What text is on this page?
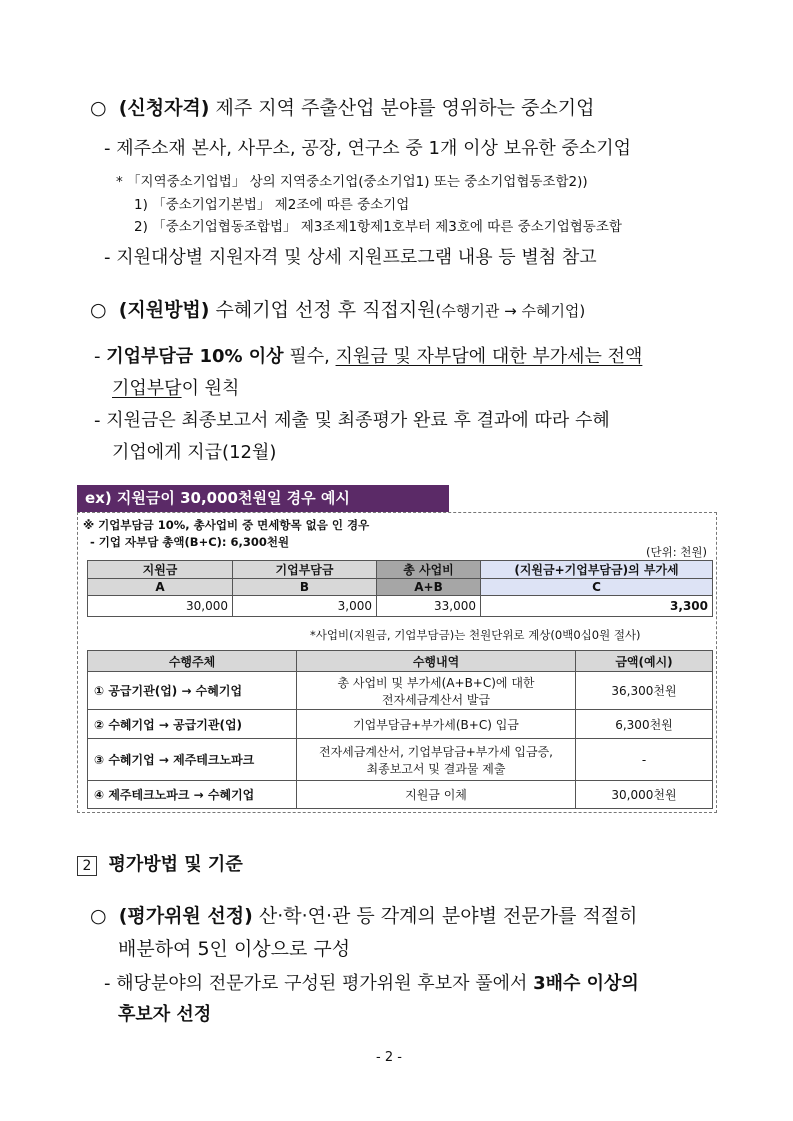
○ (신청자격) 제주 지역 주출산업 분야를 영위하는 중소기업
- 제주소재 본사, 사무소, 공장, 연구소 중 1개 이상 보유한 중소기업
* 「지역중소기업법」 상의 지역중소기업(중소기업1) 또는 중소기업협동조합2))
1) 「중소기업기본법」 제2조에 따른 중소기업
2) 「중소기업협동조합법」 제3조제1항제1호부터 제3호에 따른 중소기업협동조합
- 지원대상별 지원자격 및 상세 지원프로그램 내용 등 별첨 참고
○ (지원방법) 수혜기업 선정 후 직접지원(수행기관 → 수혜기업)
- 기업부담금 10% 이상 필수, 지원금 및 자부담에 대한 부가세는 전액
기업부담이 원칙
- 지원금은 최종보고서 제출 및 최종평가 완료 후 결과에 따라 수혜
기업에게 지급(12월)
ex) 지원금이 30,000천원일 경우 예시
※ 기업부담금 10%, 총사업비 중 면세항목 없음 인 경우
- 기업 자부담 총액(B+C): 6,300천원
(단위: 천원)
지원금	기업부담금	총 사업비	(지원금+기업부담금)의 부가세
A	B	A+B	C
30,000	3,000	33,000	3,300
*사업비(지원금, 기업부담금)는 천원단위로 계상(0백0십0원 절사)
수행주체	수행내역	금액(예시)
① 공급기관(업) → 수혜기업	총 사업비 및 부가세(A+B+C)에 대한
전자세금계산서 발급	36,300천원
② 수혜기업 → 공급기관(업)	기업부담금+부가세(B+C) 입금	6,300천원
③ 수혜기업 → 제주테크노파크	전자세금계산서, 기업부담금+부가세 입금증,
최종보고서 및 결과물 제출	-
④ 제주테크노파크 → 수혜기업	지원금 이체	30,000천원
2 평가방법 및 기준
○ (평가위원 선정) 산·학·연·관 등 각계의 분야별 전문가를 적절히
배분하여 5인 이상으로 구성
- 해당분야의 전문가로 구성된 평가위원 후보자 풀에서 3배수 이상의
후보자 선정
- 2 -
